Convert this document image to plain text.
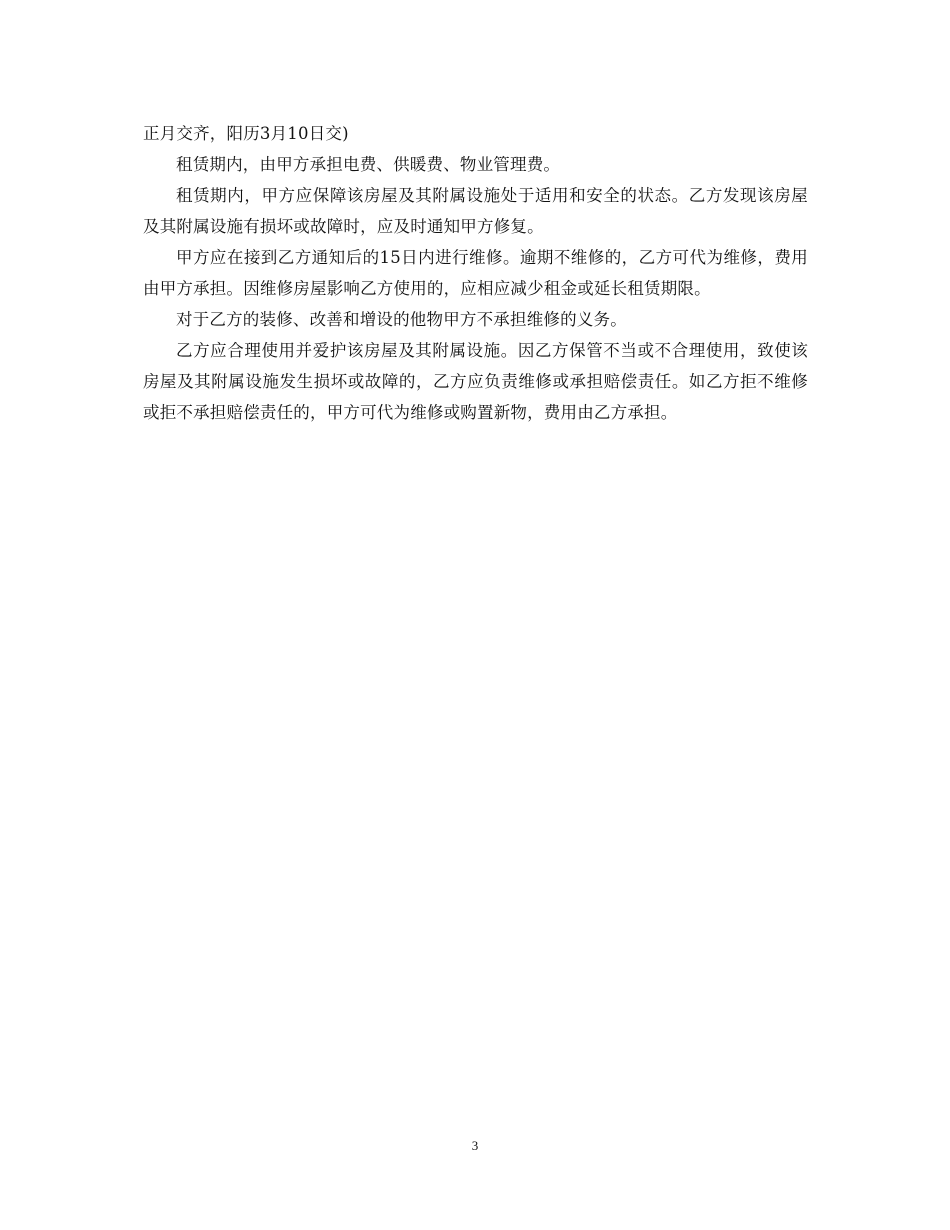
正月交齐，阳历3月10日交)

租赁期内，由甲方承担电费、供暖费、物业管理费。

租赁期内，甲方应保障该房屋及其附属设施处于适用和安全的状态。乙方发现该房屋及其附属设施有损坏或故障时，应及时通知甲方修复。

甲方应在接到乙方通知后的15日内进行维修。逾期不维修的，乙方可代为维修，费用由甲方承担。因维修房屋影响乙方使用的，应相应减少租金或延长租赁期限。

对于乙方的装修、改善和增设的他物甲方不承担维修的义务。

乙方应合理使用并爱护该房屋及其附属设施。因乙方保管不当或不合理使用，致使该房屋及其附属设施发生损坏或故障的，乙方应负责维修或承担赔偿责任。如乙方拒不维修或拒不承担赔偿责任的，甲方可代为维修或购置新物，费用由乙方承担。

3
